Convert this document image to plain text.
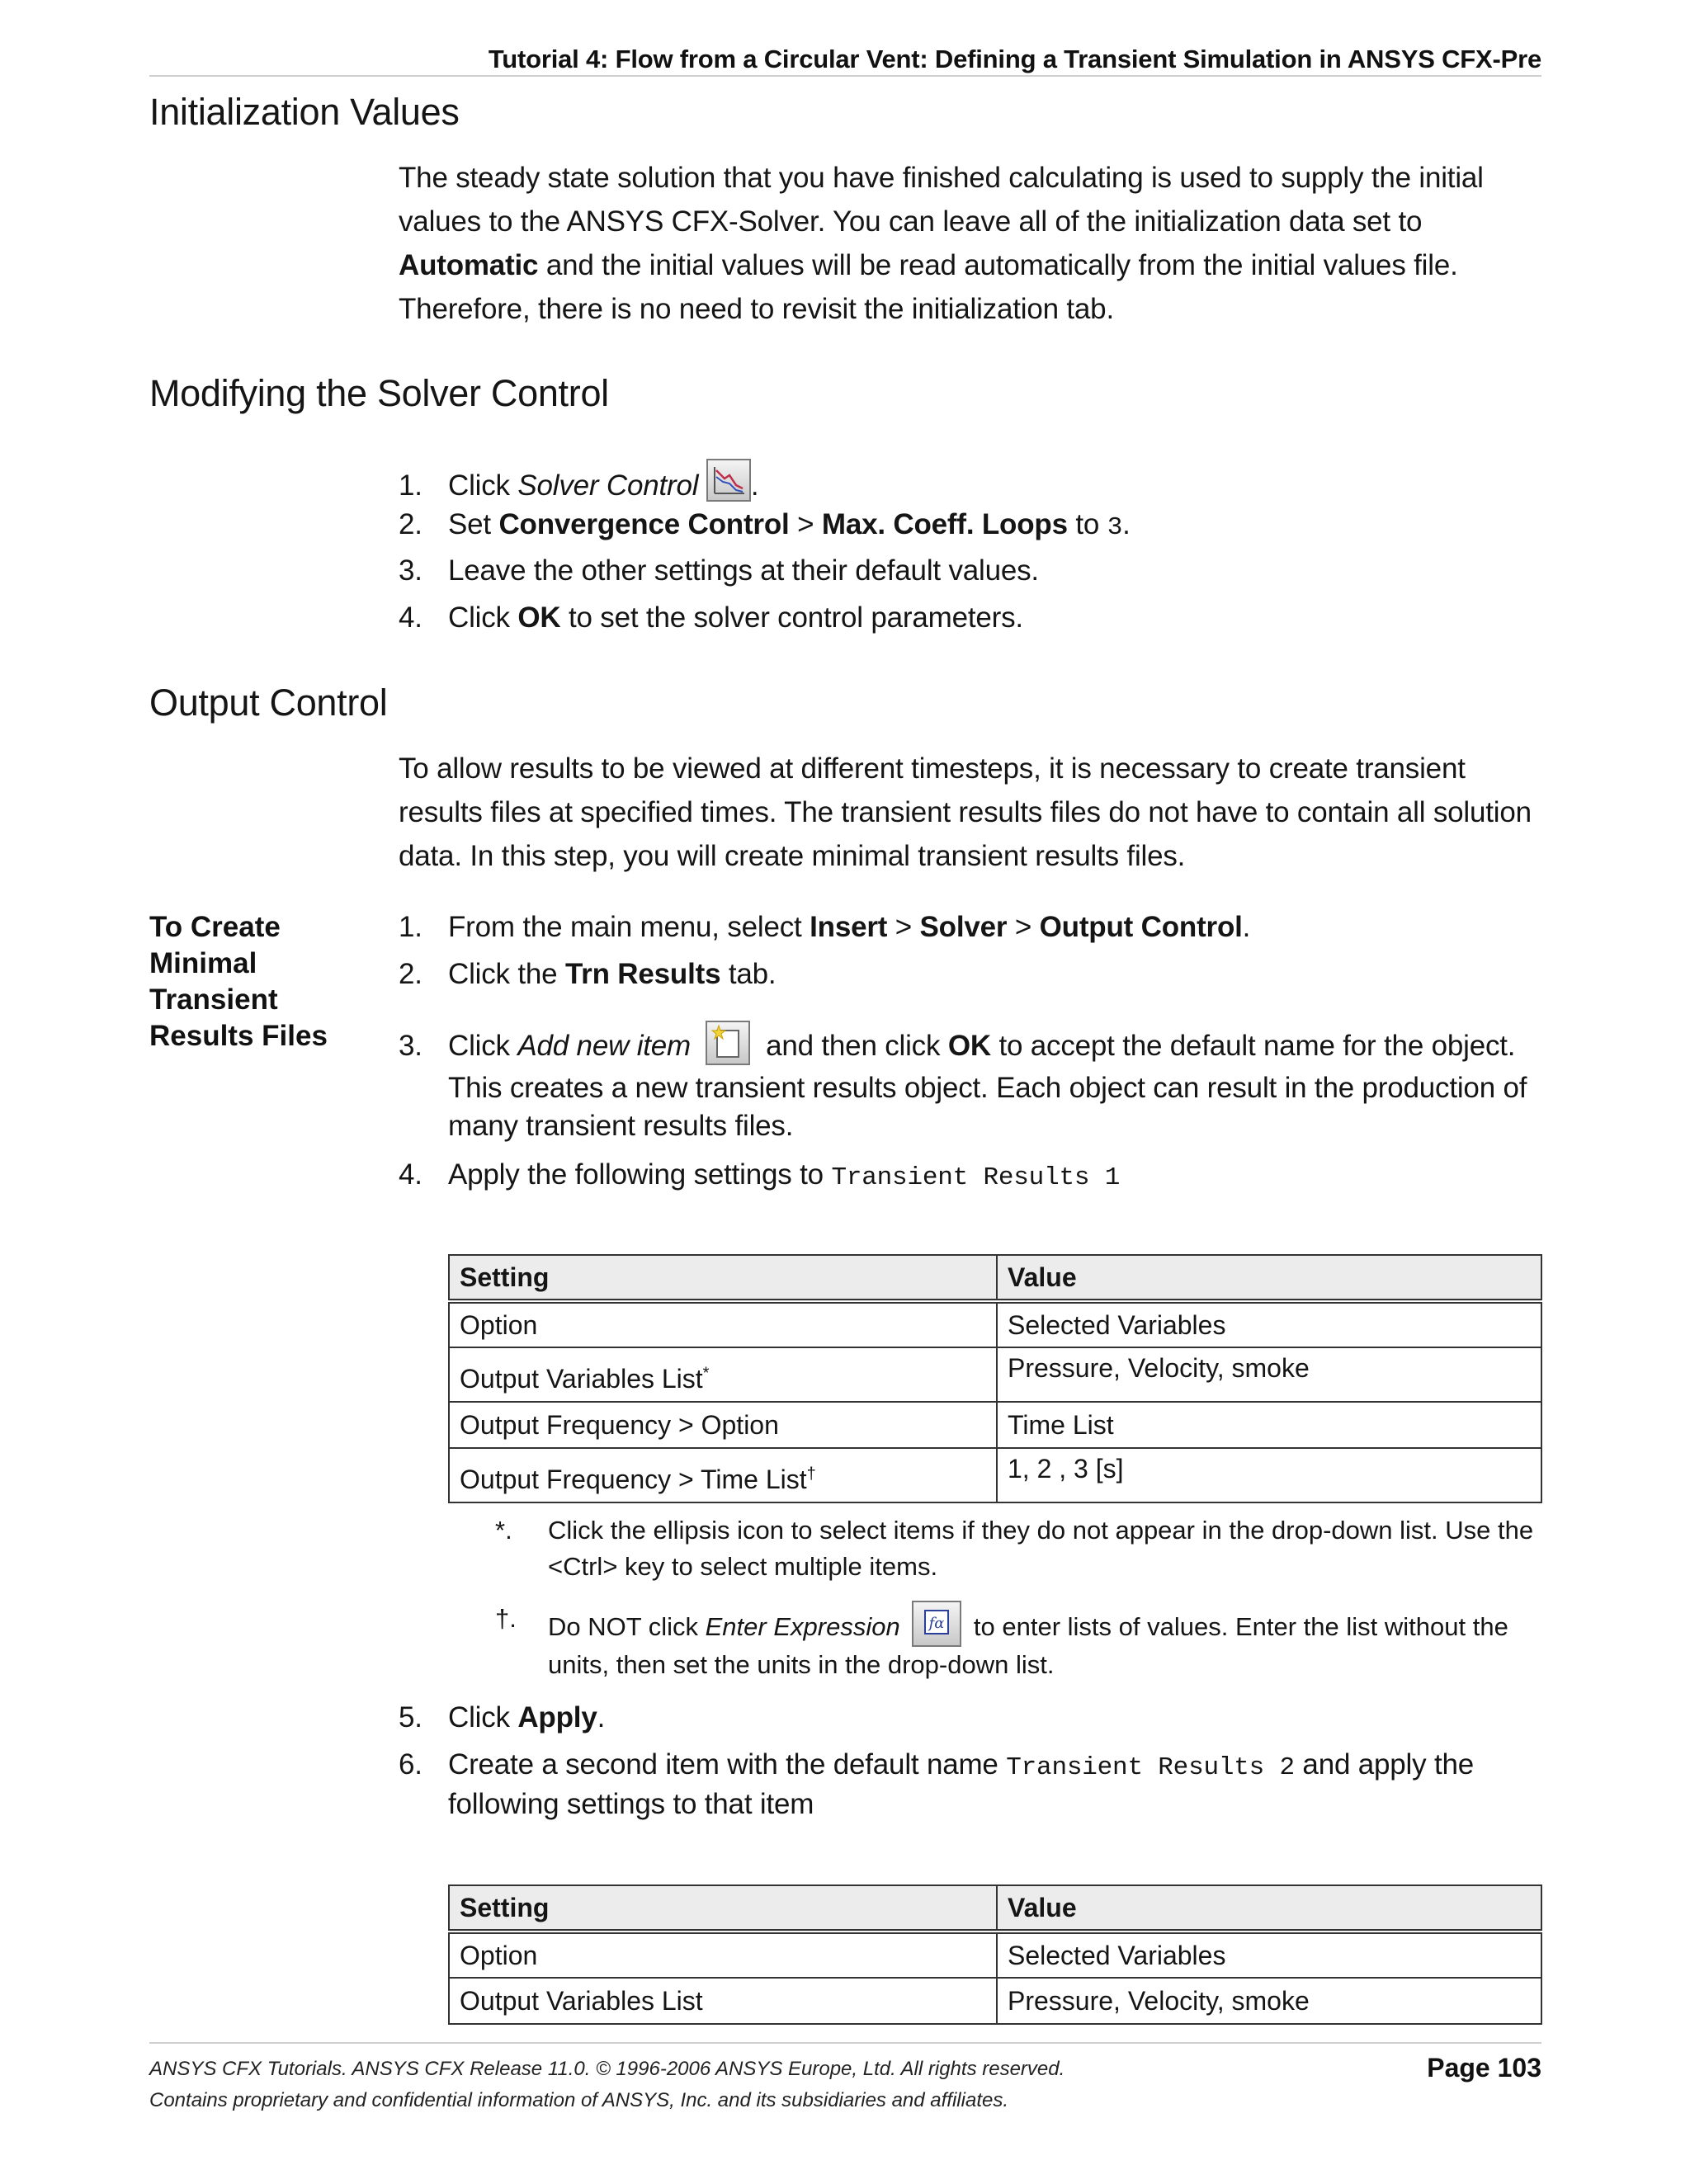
Tutorial 4: Flow from a Circular Vent: Defining a Transient Simulation in ANSYS CFX-Pre
Initialization Values

The steady state solution that you have finished calculating is used to supply the initial values to the ANSYS CFX-Solver. You can leave all of the initialization data set to Automatic and the initial values will be read automatically from the initial values file. Therefore, there is no need to revisit the initialization tab.

Modifying the Solver Control
1. Click Solver Control .
2. Set Convergence Control > Max. Coeff. Loops to 3.
3. Leave the other settings at their default values.
4. Click OK to set the solver control parameters.
Output Control

To allow results to be viewed at different timesteps, it is necessary to create transient results files at specified times. The transient results files do not have to contain all solution data. In this step, you will create minimal transient results files.

To Create Minimal Transient Results Files
1. From the main menu, select Insert > Solver > Output Control.
2. Click the Trn Results tab.
3. Click Add new item
and then click OK to accept the default name for the object.
This creates a new transient results object. Each object can result in the production of many transient results files.
4. Apply the following settings to Transient Results 1
Setting	Value
Option	Selected Variables
Output Variables List*	Pressure, Velocity, smoke
Output Frequency > Option	Time List
Output Frequency > Time List†	1, 2 , 3 [s]
*. Click the ellipsis icon to select items if they do not appear in the drop-down list. Use the <Ctrl> key to select multiple items.
†. Do NOT click Enter Expression fα to enter lists of values. Enter the list without the
units, then set the units in the drop-down list.
5. Click Apply.
6. Create a second item with the default name Transient Results 2 and apply the
following settings to that item
Setting	Value
Option	Selected Variables
Output Variables List	Pressure, Velocity, smoke
ANSYS CFX Tutorials. ANSYS CFX Release 11.0. © 1996-2006 ANSYS Europe, Ltd. All rights reserved.
Contains proprietary and confidential information of ANSYS, Inc. and its subsidiaries and affiliates.
Page 103
